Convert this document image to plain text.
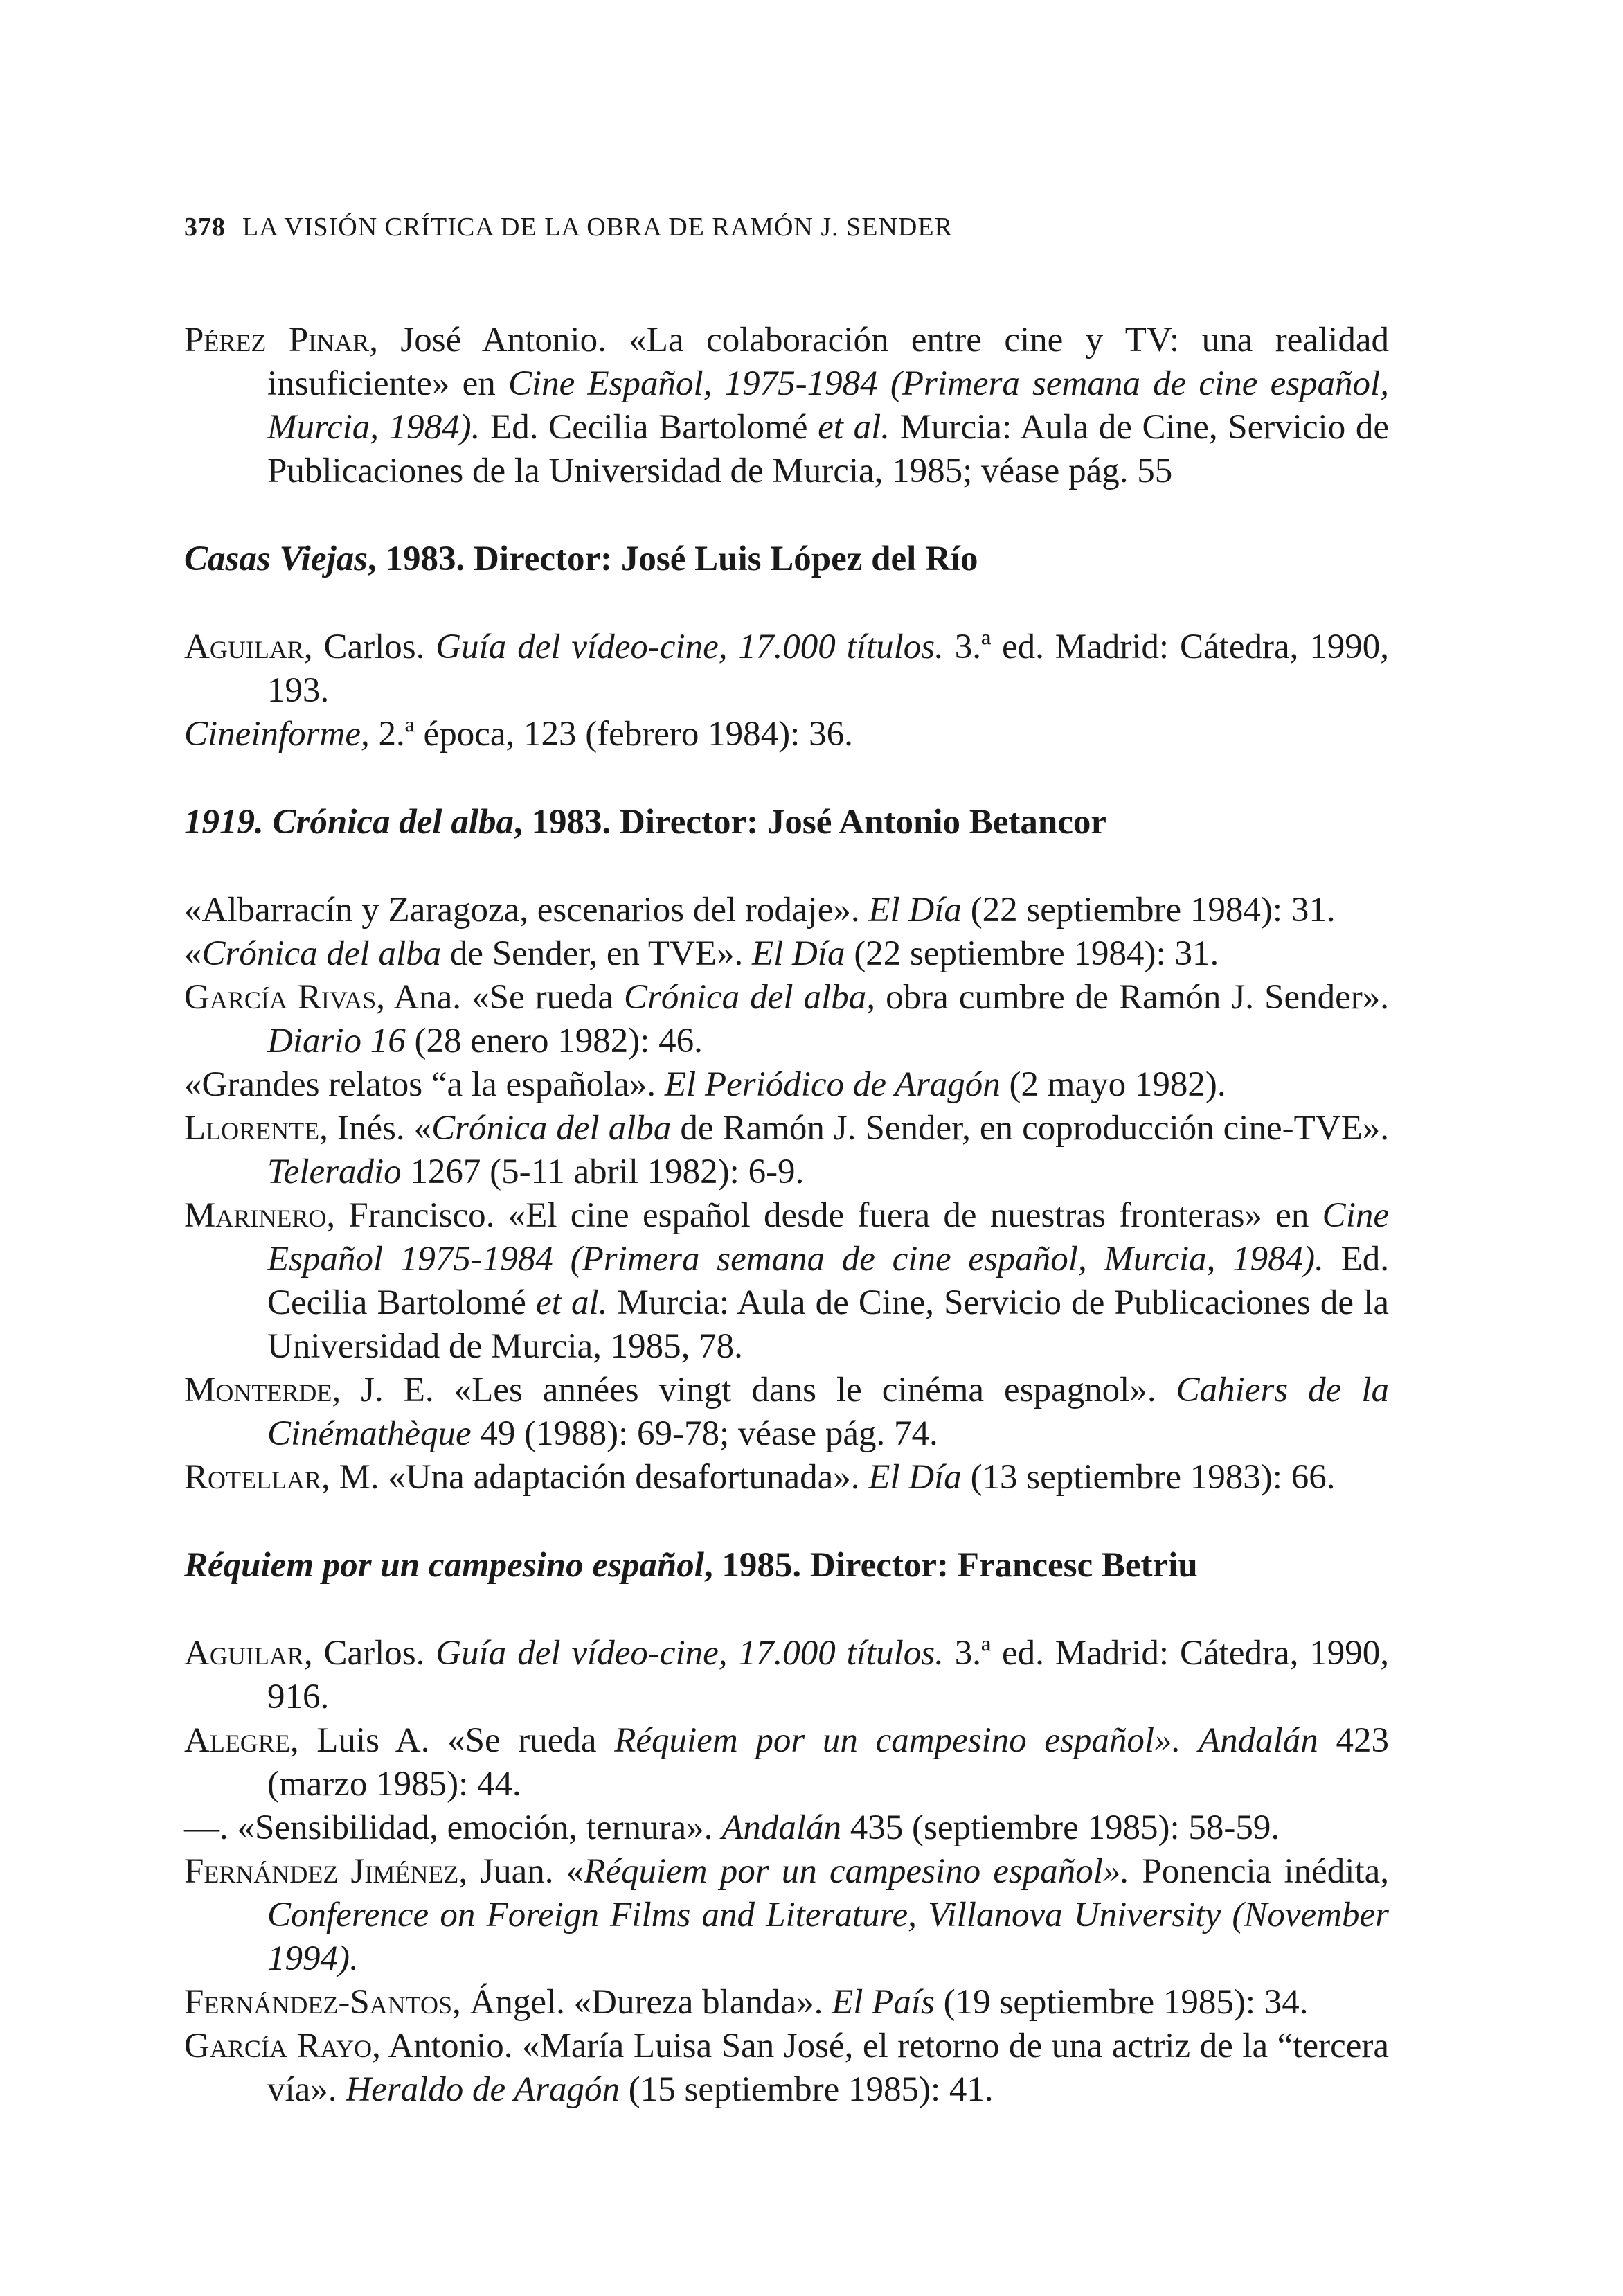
378 LA VISIÓN CRÍTICA DE LA OBRA DE RAMÓN J. SENDER

Pérez Pinar, José Antonio. «La colaboración entre cine y TV: una realidad insuficiente» en Cine Español, 1975-1984 (Primera semana de cine español, Murcia, 1984). Ed. Cecilia Bartolomé et al. Murcia: Aula de Cine, Servicio de Publicaciones de la Universidad de Murcia, 1985; véase pág. 55

Casas Viejas, 1983. Director: José Luis López del Río

Aguilar, Carlos. Guía del vídeo-cine, 17.000 títulos. 3.ª ed. Madrid: Cátedra, 1990, 193.

Cineinforme, 2.ª época, 123 (febrero 1984): 36.

1919. Crónica del alba, 1983. Director: José Antonio Betancor

«Albarracín y Zaragoza, escenarios del rodaje». El Día (22 septiembre 1984): 31.

«Crónica del alba de Sender, en TVE». El Día (22 septiembre 1984): 31.

García Rivas, Ana. «Se rueda Crónica del alba, obra cumbre de Ramón J. Sender». Diario 16 (28 enero 1982): 46.

«Grandes relatos “a la española». El Periódico de Aragón (2 mayo 1982).

Llorente, Inés. «Crónica del alba de Ramón J. Sender, en coproducción cine-TVE». Teleradio 1267 (5-11 abril 1982): 6-9.

Marinero, Francisco. «El cine español desde fuera de nuestras fronteras» en Cine Español 1975-1984 (Primera semana de cine español, Murcia, 1984). Ed. Cecilia Bartolomé et al. Murcia: Aula de Cine, Servicio de Publicaciones de la Universidad de Murcia, 1985, 78.

Monterde, J. E. «Les années vingt dans le cinéma espagnol». Cahiers de la Cinémathèque 49 (1988): 69-78; véase pág. 74.

Rotellar, M. «Una adaptación desafortunada». El Día (13 septiembre 1983): 66.

Réquiem por un campesino español, 1985. Director: Francesc Betriu

Aguilar, Carlos. Guía del vídeo-cine, 17.000 títulos. 3.ª ed. Madrid: Cátedra, 1990, 916.

Alegre, Luis A. «Se rueda Réquiem por un campesino español». Andalán 423 (marzo 1985): 44.

—. «Sensibilidad, emoción, ternura». Andalán 435 (septiembre 1985): 58-59.

Fernández Jiménez, Juan. «Réquiem por un campesino español». Ponencia inédita, Conference on Foreign Films and Literature, Villanova University (November 1994).

Fernández-Santos, Ángel. «Dureza blanda». El País (19 septiembre 1985): 34.

García Rayo, Antonio. «María Luisa San José, el retorno de una actriz de la “tercera vía». Heraldo de Aragón (15 septiembre 1985): 41.
